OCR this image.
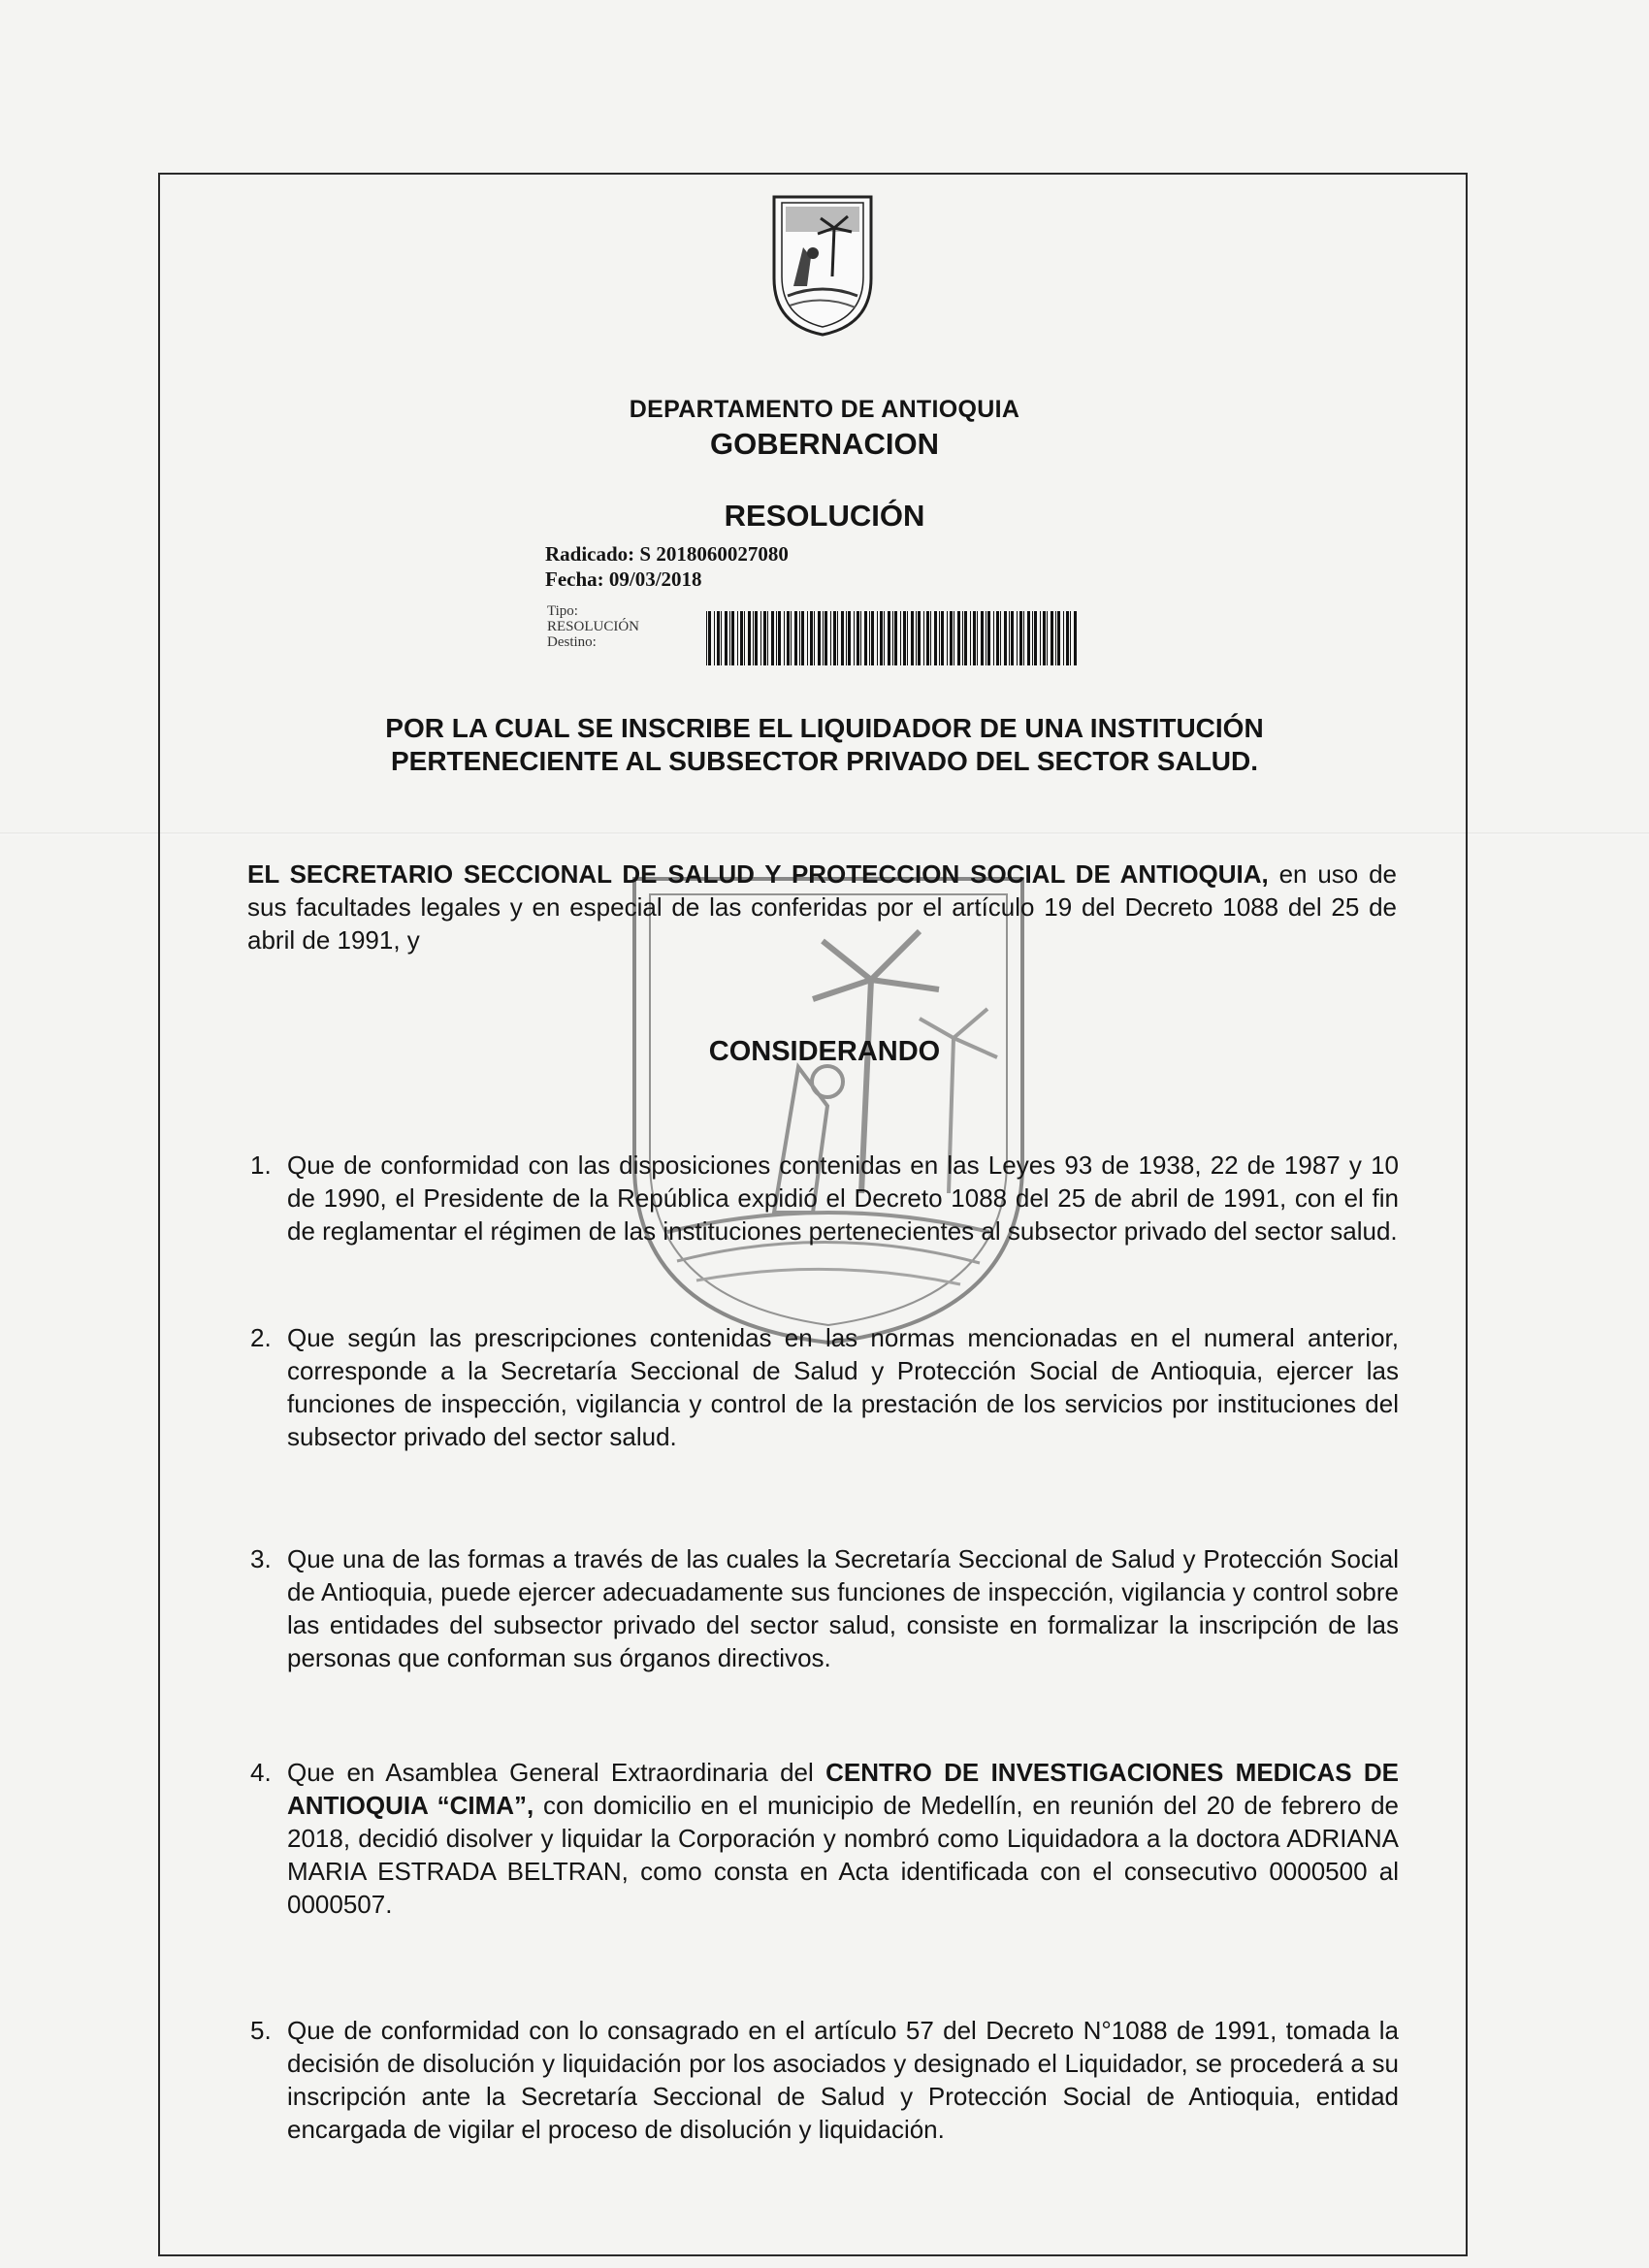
DEPARTAMENTO DE ANTIOQUIA
GOBERNACION
RESOLUCIÓN
Radicado: S 2018060027080
Fecha: 09/03/2018
Tipo:
RESOLUCIÓN
Destino:
POR LA CUAL SE INSCRIBE EL LIQUIDADOR DE UNA INSTITUCIÓN
PERTENECIENTE AL SUBSECTOR PRIVADO DEL SECTOR SALUD.
EL SECRETARIO SECCIONAL DE SALUD Y PROTECCION SOCIAL DE ANTIOQUIA, en uso de sus facultades legales y en especial de las conferidas por el artículo 19 del Decreto 1088 del 25 de abril de 1991, y
CONSIDERANDO
1. Que de conformidad con las disposiciones contenidas en las Leyes 93 de 1938, 22 de 1987 y 10 de 1990, el Presidente de la República expidió el Decreto 1088 del 25 de abril de 1991, con el fin de reglamentar el régimen de las instituciones pertenecientes al subsector privado del sector salud.
2. Que según las prescripciones contenidas en las normas mencionadas en el numeral anterior, corresponde a la Secretaría Seccional de Salud y Protección Social de Antioquia, ejercer las funciones de inspección, vigilancia y control de la prestación de los servicios por instituciones del subsector privado del sector salud.
3. Que una de las formas a través de las cuales la Secretaría Seccional de Salud y Protección Social de Antioquia, puede ejercer adecuadamente sus funciones de inspección, vigilancia y control sobre las entidades del subsector privado del sector salud, consiste en formalizar la inscripción de las personas que conforman sus órganos directivos.
4. Que en Asamblea General Extraordinaria del CENTRO DE INVESTIGACIONES MEDICAS DE ANTIOQUIA “CIMA”, con domicilio en el municipio de Medellín, en reunión del 20 de febrero de 2018, decidió disolver y liquidar la Corporación y nombró como Liquidadora a la doctora ADRIANA MARIA ESTRADA BELTRAN, como consta en Acta identificada con el consecutivo 0000500 al 0000507.
5. Que de conformidad con lo consagrado en el artículo 57 del Decreto N°1088 de 1991, tomada la decisión de disolución y liquidación por los asociados y designado el Liquidador, se procederá a su inscripción ante la Secretaría Seccional de Salud y Protección Social de Antioquia, entidad encargada de vigilar el proceso de disolución y liquidación.
